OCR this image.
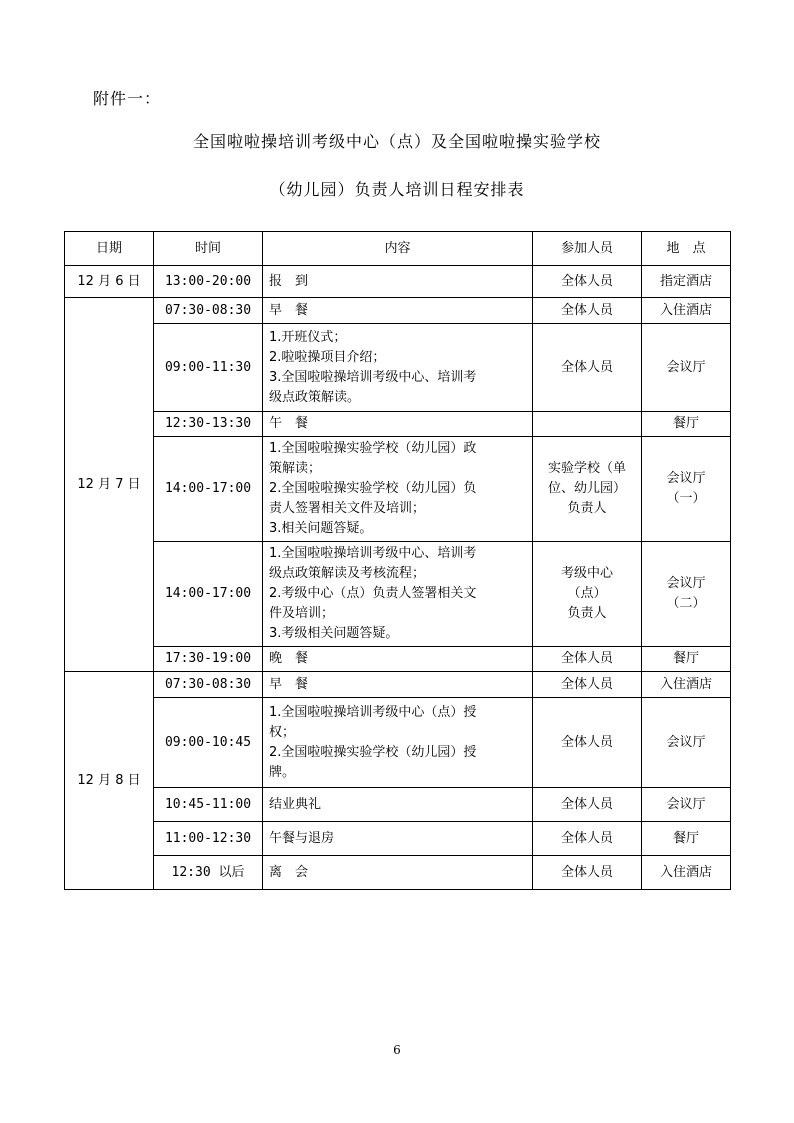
附件一：
全国啦啦操培训考级中心（点）及全国啦啦操实验学校
（幼儿园）负责人培训日程安排表
日期	时间	内容	参加人员	地　点
12 月 6 日	13:00-20:00	报　到	全体人员	指定酒店
12 月 7 日	07:30-08:30	早　餐	全体人员	入住酒店
	09:00-11:30	1.开班仪式；
2.啦啦操项目介绍；
3.全国啦啦操培训考级中心、培训考
级点政策解读。	全体人员	会议厅
	12:30-13:30	午　餐		餐厅
	14:00-17:00	1.全国啦啦操实验学校（幼儿园）政
策解读；
2.全国啦啦操实验学校（幼儿园）负
责人签署相关文件及培训；
3.相关问题答疑。	实验学校（单
位、幼儿园）
负责人	会议厅
（一）

	14:00-17:00	1.全国啦啦操培训考级中心、培训考
级点政策解读及考核流程；
2.考级中心（点）负责人签署相关文
件及培训；
3.考级相关问题答疑。	考级中心
（点）
负责人	会议厅
（二）

	17:30-19:00	晚　餐	全体人员	餐厅
12 月 8 日	07:30-08:30	早　餐	全体人员	入住酒店
	09:00-10:45	1.全国啦啦操培训考级中心（点）授
权；
2.全国啦啦操实验学校（幼儿园）授
牌。	全体人员	会议厅
	10:45-11:00	结业典礼	全体人员	会议厅
	11:00-12:30	午餐与退房	全体人员	餐厅
	12:30 以后	离　会	全体人员	入住酒店
6
